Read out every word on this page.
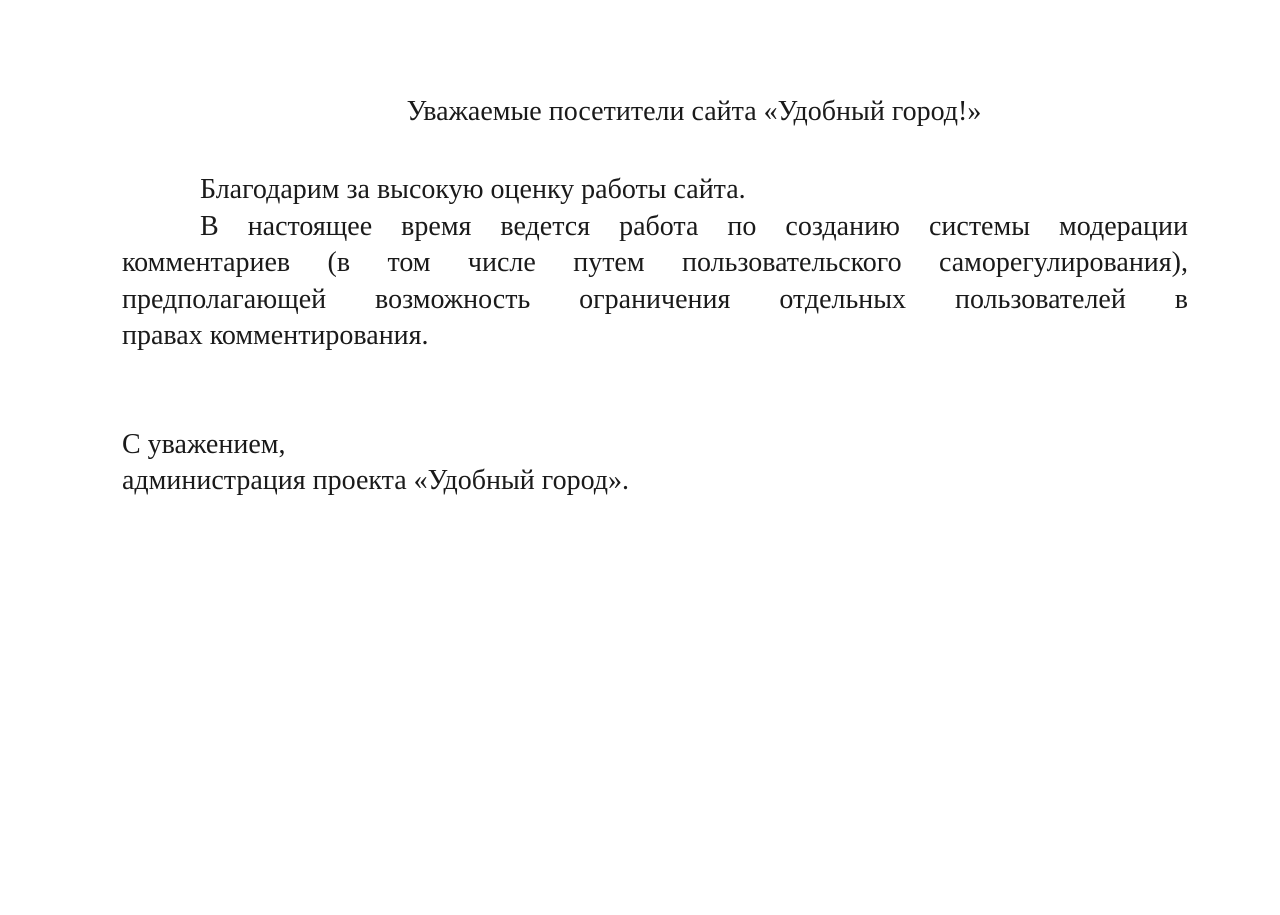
Уважаемые посетители сайта «Удобный город!»
Благодарим за высокую оценку работы сайта.
В настоящее время ведется работа по созданию системы модерации
комментариев (в том числе путем пользовательского саморегулирования),
предполагающей возможность ограничения отдельных пользователей в
правах комментирования.
С уважением,
администрация проекта «Удобный город».
